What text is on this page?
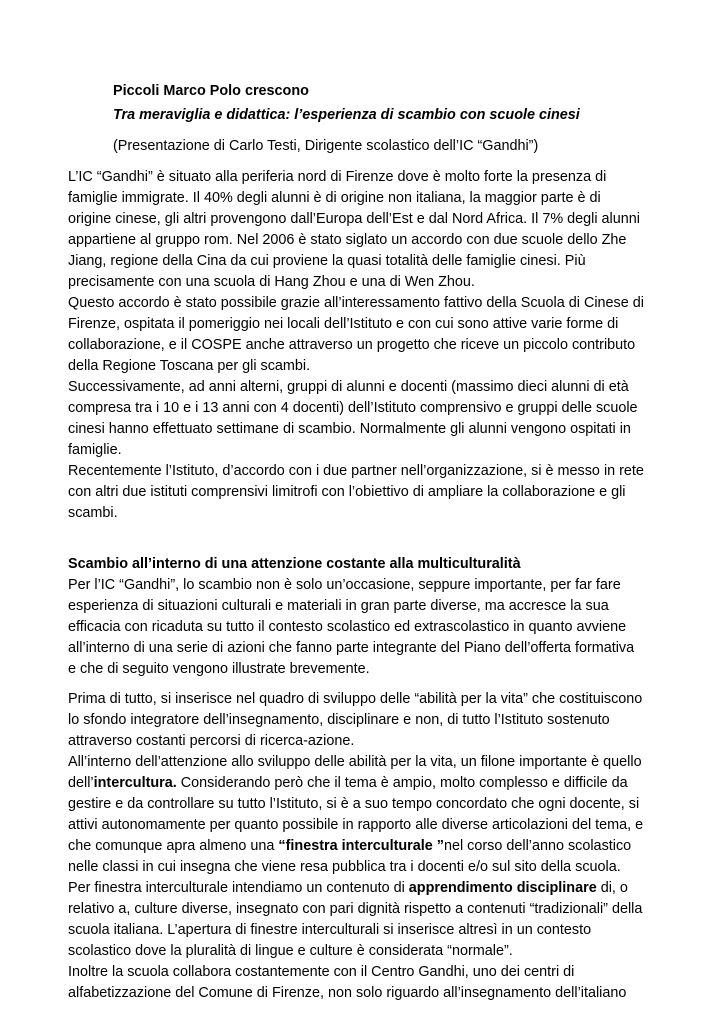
Piccoli Marco Polo crescono
Tra meraviglia e didattica: l’esperienza di scambio con scuole cinesi
(Presentazione di Carlo Testi, Dirigente scolastico dell’IC “Gandhi”)
L’IC “Gandhi” è situato alla periferia nord di Firenze dove è molto forte la presenza di
famiglie immigrate. Il 40% degli alunni è di origine non italiana, la maggior parte è di
origine cinese, gli altri provengono dall’Europa dell’Est e dal Nord Africa. Il 7% degli alunni
appartiene al gruppo rom. Nel 2006 è stato siglato un accordo con due scuole dello Zhe
Jiang, regione della Cina da cui proviene la quasi totalità delle famiglie cinesi. Più
precisamente con una scuola di Hang Zhou e una di Wen Zhou.
Questo accordo è stato possibile grazie all’interessamento fattivo della Scuola di Cinese di
Firenze, ospitata il pomeriggio nei locali dell’Istituto e con cui sono attive varie forme di
collaborazione, e il COSPE anche attraverso un progetto che riceve un piccolo contributo
della Regione Toscana per gli scambi.
Successivamente, ad anni alterni, gruppi di alunni e docenti (massimo dieci alunni di età
compresa tra i 10 e i 13 anni con 4 docenti) dell’Istituto comprensivo e gruppi delle scuole
cinesi hanno effettuato settimane di scambio. Normalmente gli alunni vengono ospitati in
famiglie.
Recentemente l’Istituto, d’accordo con i due partner nell’organizzazione, si è messo in rete
con altri due istituti comprensivi limitrofi con l’obiettivo di ampliare la collaborazione e gli
scambi.
Scambio all’interno di una attenzione costante alla multiculturalità
Per l’IC “Gandhi”, lo scambio non è solo un’occasione, seppure importante, per far fare
esperienza di situazioni culturali e materiali in gran parte diverse, ma accresce la sua
efficacia con ricaduta su tutto il contesto scolastico ed extrascolastico in quanto avviene
all’interno di una serie di azioni che fanno parte integrante del Piano dell’offerta formativa
e che di seguito vengono illustrate brevemente.
Prima di tutto, si inserisce nel quadro di sviluppo delle “abilità per la vita” che costituiscono
lo sfondo integratore dell’insegnamento, disciplinare e non, di tutto l’Istituto sostenuto
attraverso costanti percorsi di ricerca-azione.
All’interno dell’attenzione allo sviluppo delle abilità per la vita, un filone importante è quello
dell’intercultura. Considerando però che il tema è ampio, molto complesso e difficile da
gestire e da controllare su tutto l’Istituto, si è a suo tempo concordato che ogni docente, si
attivi autonomamente per quanto possibile in rapporto alle diverse articolazioni del tema, e
che comunque apra almeno una “finestra interculturale ”nel corso dell’anno scolastico
nelle classi in cui insegna che viene resa pubblica tra i docenti e/o sul sito della scuola.
Per finestra interculturale intendiamo un contenuto di apprendimento disciplinare di, o
relativo a, culture diverse, insegnato con pari dignità rispetto a contenuti “tradizionali” della
scuola italiana. L’apertura di finestre interculturali si inserisce altresì in un contesto
scolastico dove la pluralità di lingue e culture è considerata “normale”.
Inoltre la scuola collabora costantemente con il Centro Gandhi, uno dei centri di
alfabetizzazione del Comune di Firenze, non solo riguardo all’insegnamento dell’italiano
